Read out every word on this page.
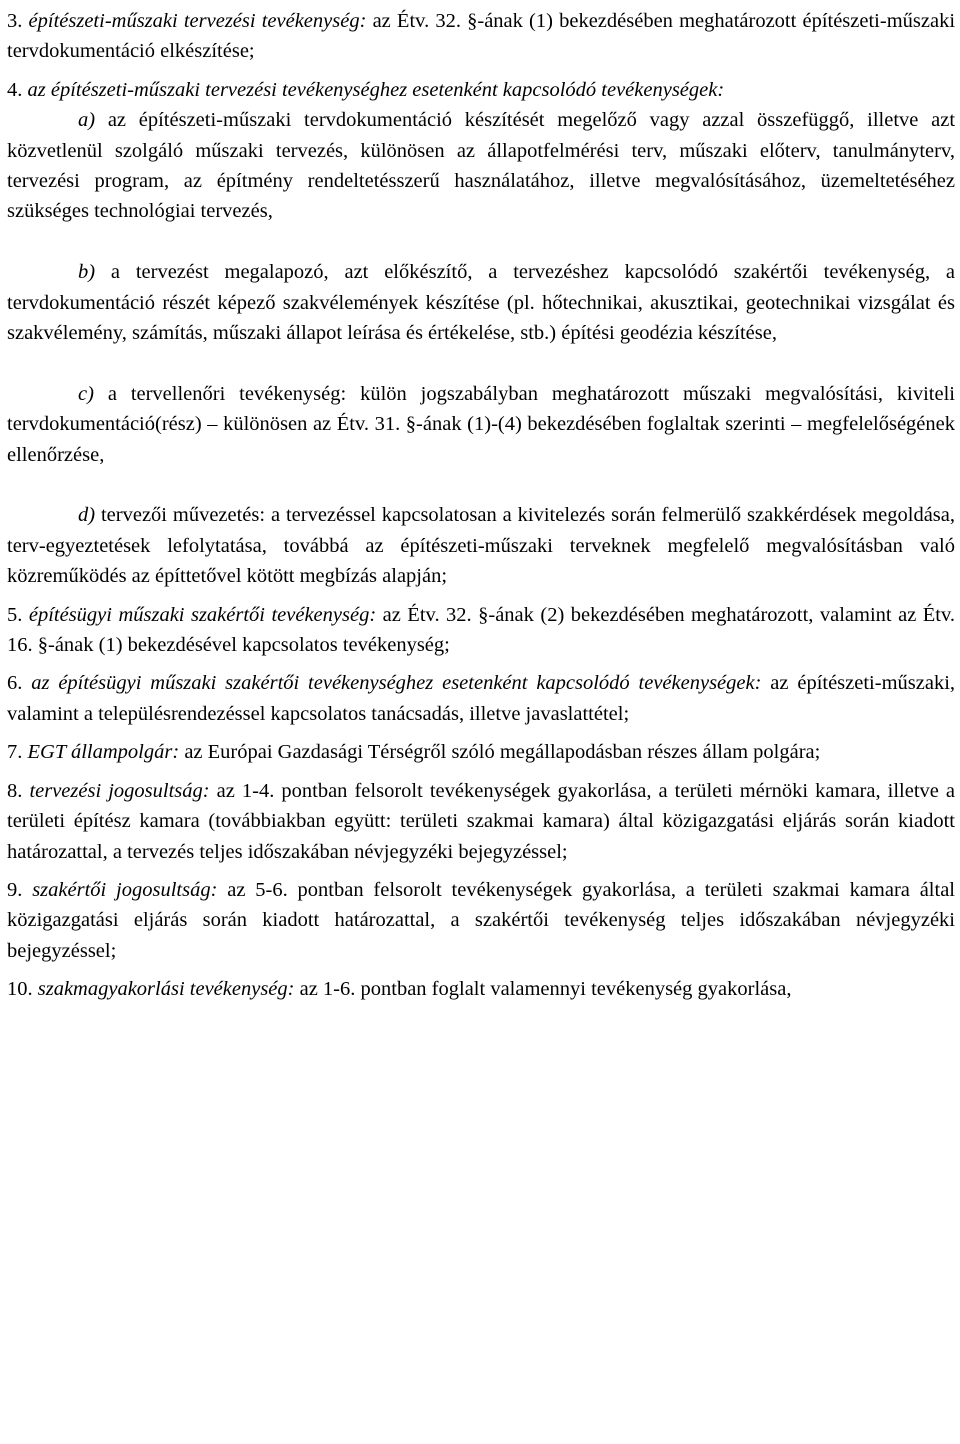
3. építészeti-műszaki tervezési tevékenység: az Étv. 32. §-ának (1) bekezdésében meghatározott építészeti-műszaki tervdokumentáció elkészítése;

4. az építészeti-műszaki tervezési tevékenységhez esetenként kapcsolódó tevékenységek:

a) az építészeti-műszaki tervdokumentáció készítését megelőző vagy azzal összefüggő, illetve azt közvetlenül szolgáló műszaki tervezés, különösen az állapotfelmérési terv, műszaki előterv, tanulmányterv, tervezési program, az építmény rendeltetésszerű használatához, illetve megvalósításához, üzemeltetéséhez szükséges technológiai tervezés,

b) a tervezést megalapozó, azt előkészítő, a tervezéshez kapcsolódó szakértői tevékenység, a tervdokumentáció részét képező szakvélemények készítése (pl. hőtechnikai, akusztikai, geotechnikai vizsgálat és szakvélemény, számítás, műszaki állapot leírása és értékelése, stb.) építési geodézia készítése,

c) a tervellenőri tevékenység: külön jogszabályban meghatározott műszaki megvalósítási, kiviteli tervdokumentáció(rész) – különösen az Étv. 31. §-ának (1)-(4) bekezdésében foglaltak szerinti – megfelelőségének ellenőrzése,

d) tervezői művezetés: a tervezéssel kapcsolatosan a kivitelezés során felmerülő szakkérdések megoldása, terv-egyeztetések lefolytatása, továbbá az építészeti-műszaki terveknek megfelelő megvalósításban való közreműködés az építtetővel kötött megbízás alapján;

5. építésügyi műszaki szakértői tevékenység: az Étv. 32. §-ának (2) bekezdésében meghatározott, valamint az Étv. 16. §-ának (1) bekezdésével kapcsolatos tevékenység;

6. az építésügyi műszaki szakértői tevékenységhez esetenként kapcsolódó tevékenységek: az építészeti-műszaki, valamint a településrendezéssel kapcsolatos tanácsadás, illetve javaslattétel;

7. EGT állampolgár: az Európai Gazdasági Térségről szóló megállapodásban részes állam polgára;

8. tervezési jogosultság: az 1-4. pontban felsorolt tevékenységek gyakorlása, a területi mérnöki kamara, illetve a területi építész kamara (továbbiakban együtt: területi szakmai kamara) által közigazgatási eljárás során kiadott határozattal, a tervezés teljes időszakában névjegyzéki bejegyzéssel;

9. szakértői jogosultság: az 5-6. pontban felsorolt tevékenységek gyakorlása, a területi szakmai kamara által közigazgatási eljárás során kiadott határozattal, a szakértői tevékenység teljes időszakában névjegyzéki bejegyzéssel;

10. szakmagyakorlási tevékenység: az 1-6. pontban foglalt valamennyi tevékenység gyakorlása,
